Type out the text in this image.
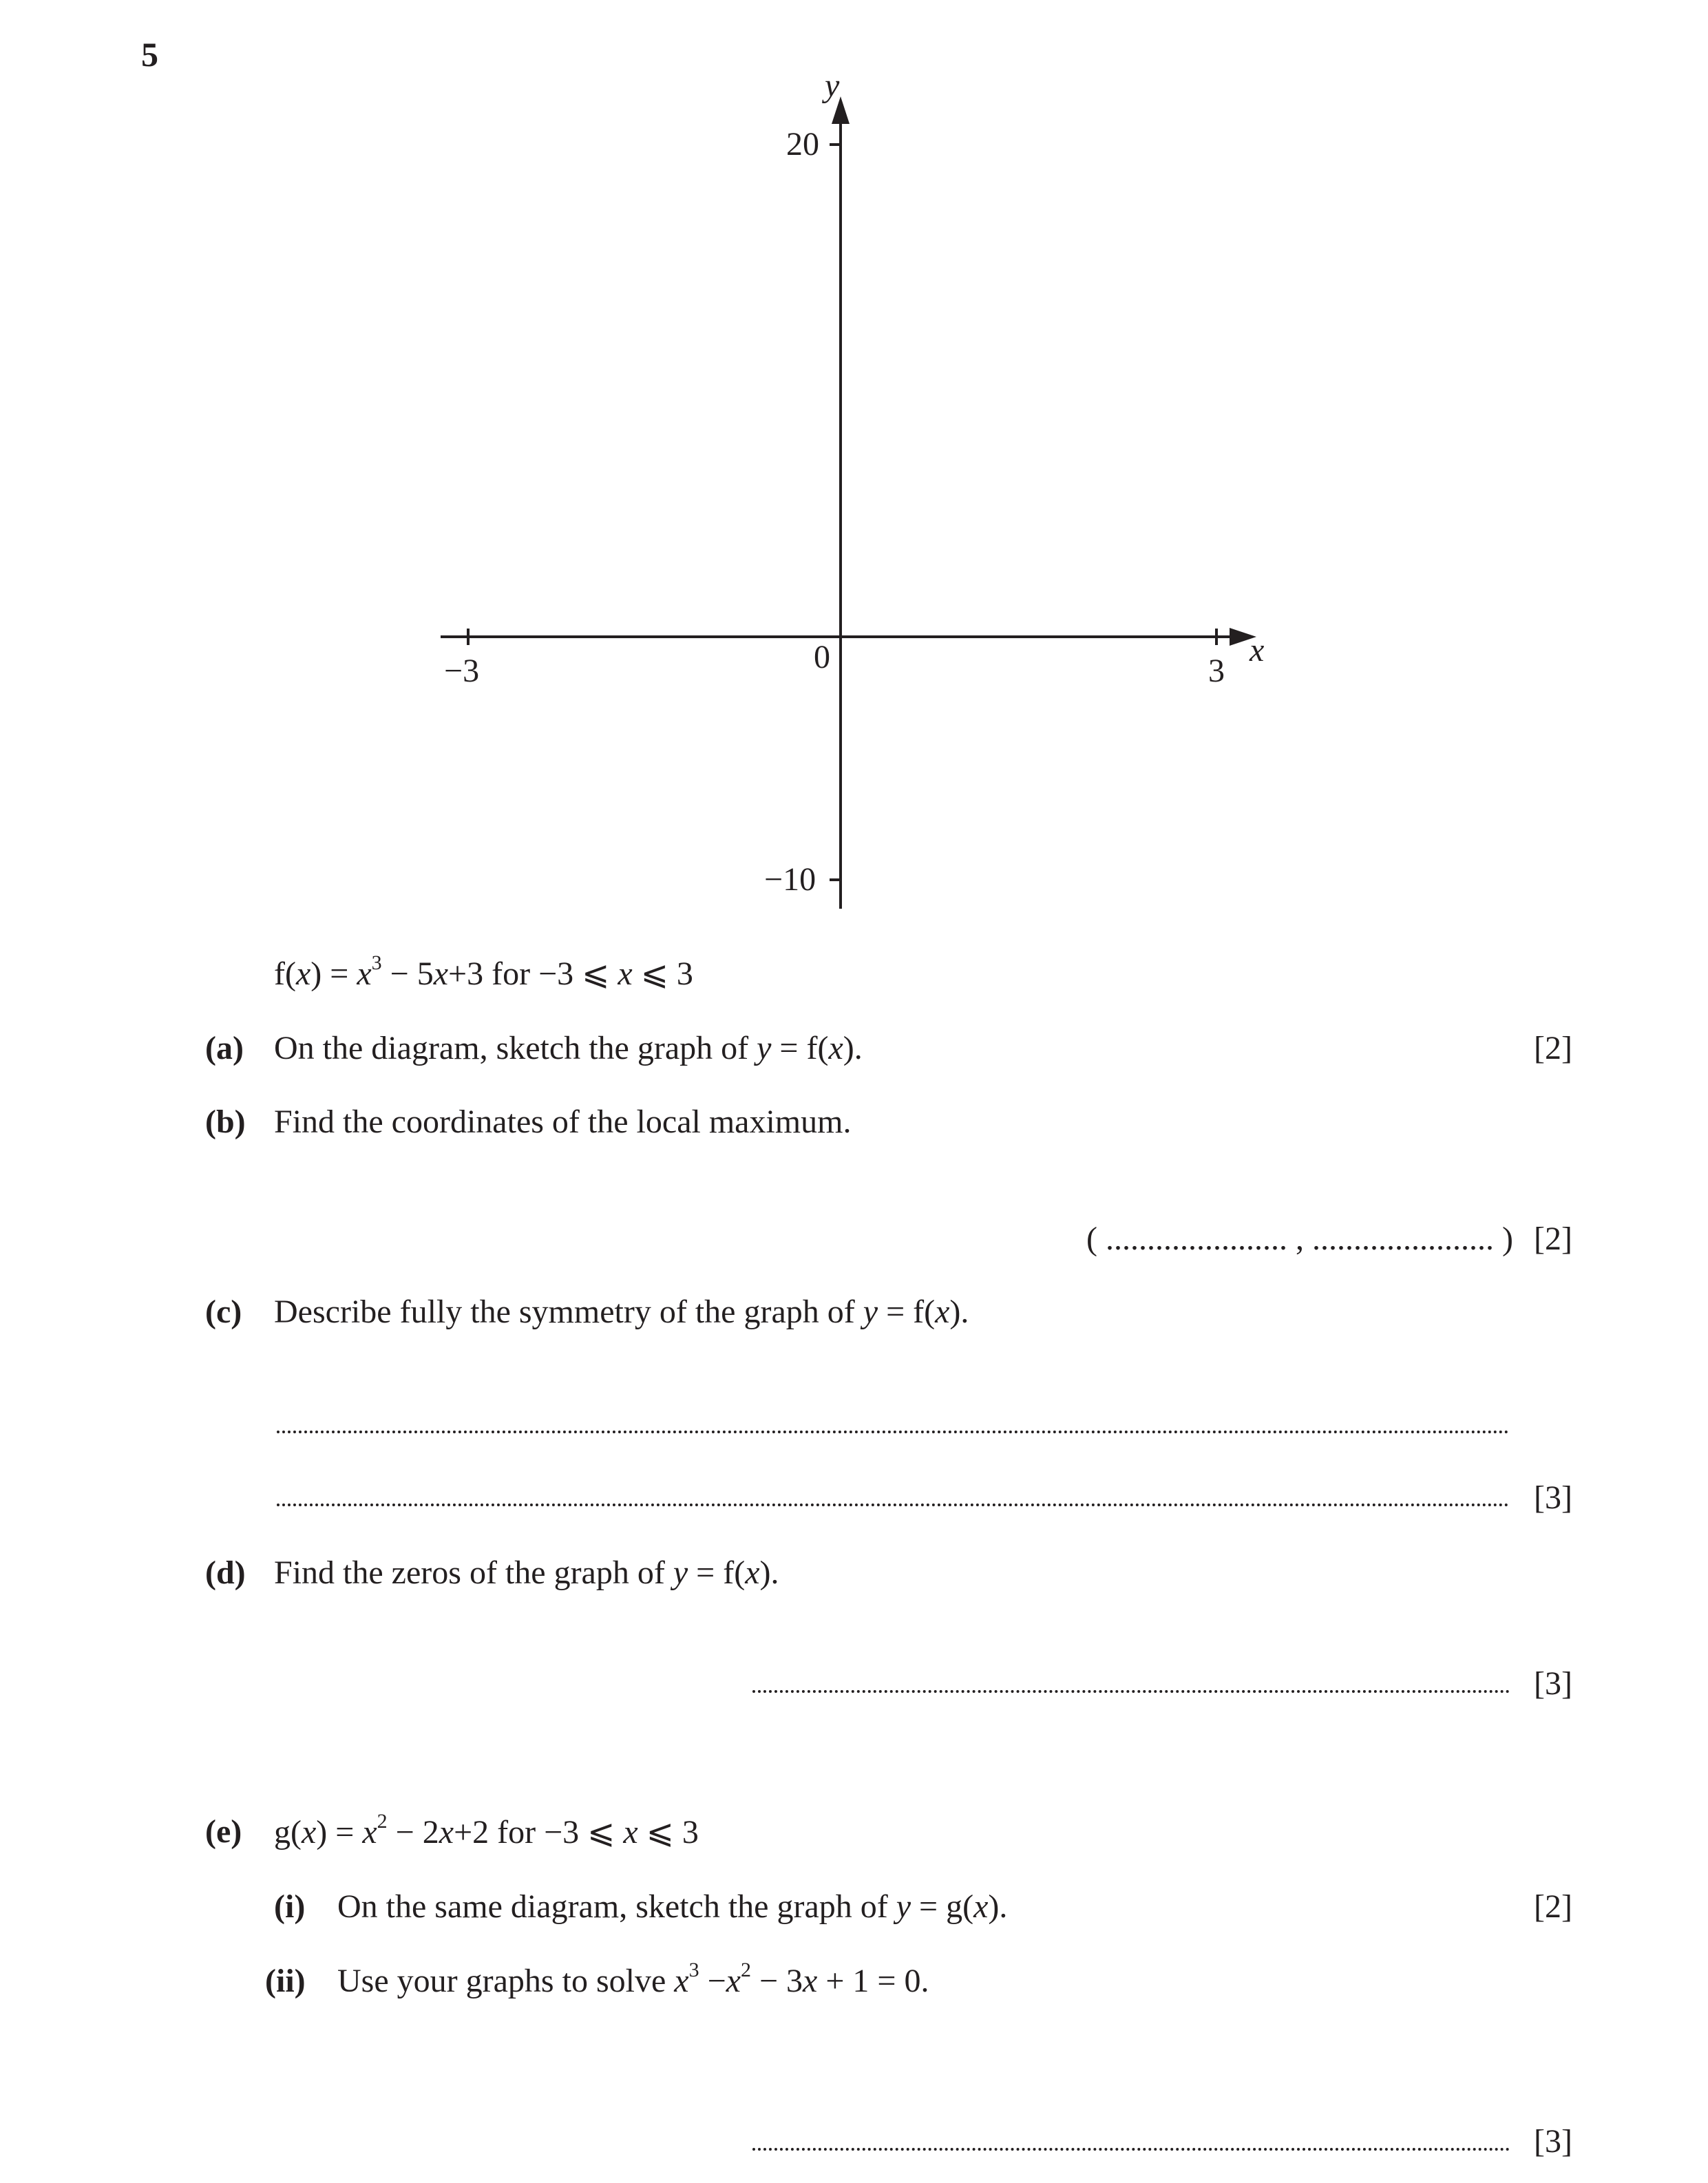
5
y
x
20
0
−10
−3	3
$f(x) = x^3 - 5x+3$ for −3 ⩽ x ⩽ 3
(a) On the diagram, sketch the graph of y = f(x).	[2]
(b) Find the coordinates of the local maximum.
( ...................... , ...................... ) [2]
(c) Describe fully the symmetry of the graph of y = f(x).
[3]
(d) Find the zeros of the graph of y = f(x).
[3]
(e) $g(x) = x^2 - 2x+2$ for −3 ⩽ x ⩽ 3
(i) On the same diagram, sketch the graph of y = g(x).	[2]
(ii) Use your graphs to solve $x^3 -x^2 - 3x + 1 = 0$.
[3]
